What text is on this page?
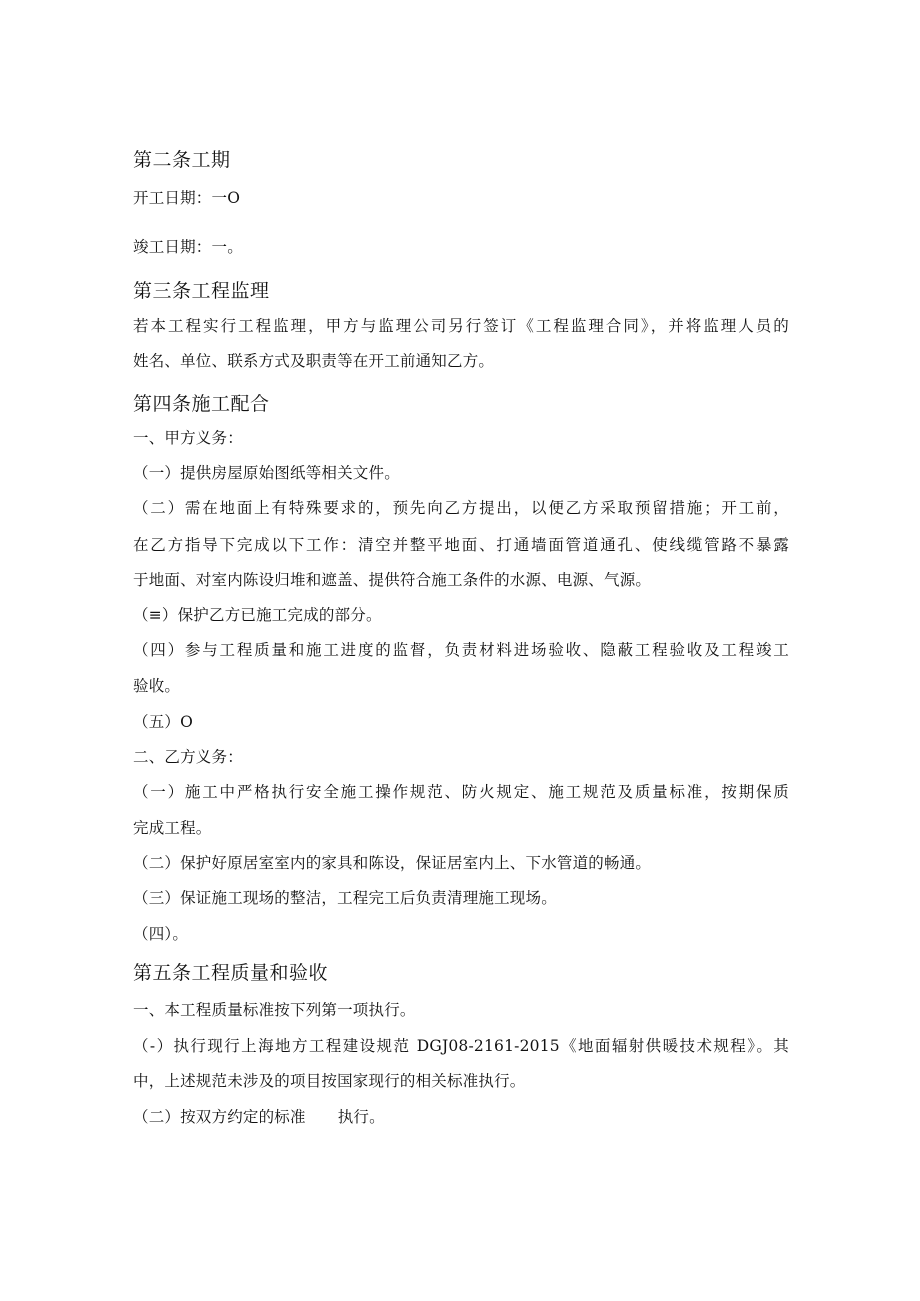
第二条工期
开工日期：一O
竣工日期：一。
第三条工程监理
若本工程实行工程监理，甲方与监理公司另行签订《工程监理合同》，并将监理人员的
姓名、单位、联系方式及职责等在开工前通知乙方。
第四条施工配合
一、甲方义务：
（一）提供房屋原始图纸等相关文件。
（二）需在地面上有特殊要求的，预先向乙方提出，以便乙方采取预留措施；开工前，
在乙方指导下完成以下工作：清空并整平地面、打通墙面管道通孔、使线缆管路不暴露
于地面、对室内陈设归堆和遮盖、提供符合施工条件的水源、电源、气源。
（≡）保护乙方已施工完成的部分。
（四）参与工程质量和施工进度的监督，负责材料进场验收、隐蔽工程验收及工程竣工
验收。
（五）O
二、乙方义务：
（一）施工中严格执行安全施工操作规范、防火规定、施工规范及质量标准，按期保质
完成工程。
（二）保护好原居室室内的家具和陈设，保证居室内上、下水管道的畅通。
（三）保证施工现场的整洁，工程完工后负责清理施工现场。
（四）。
第五条工程质量和验收
一、本工程质量标准按下列第一项执行。
（-）执行现行上海地方工程建设规范 DGJ08-2161-2015《地面辐射供暖技术规程》。其
中，上述规范未涉及的项目按国家现行的相关标准执行。
（二）按双方约定的标准 执行。
